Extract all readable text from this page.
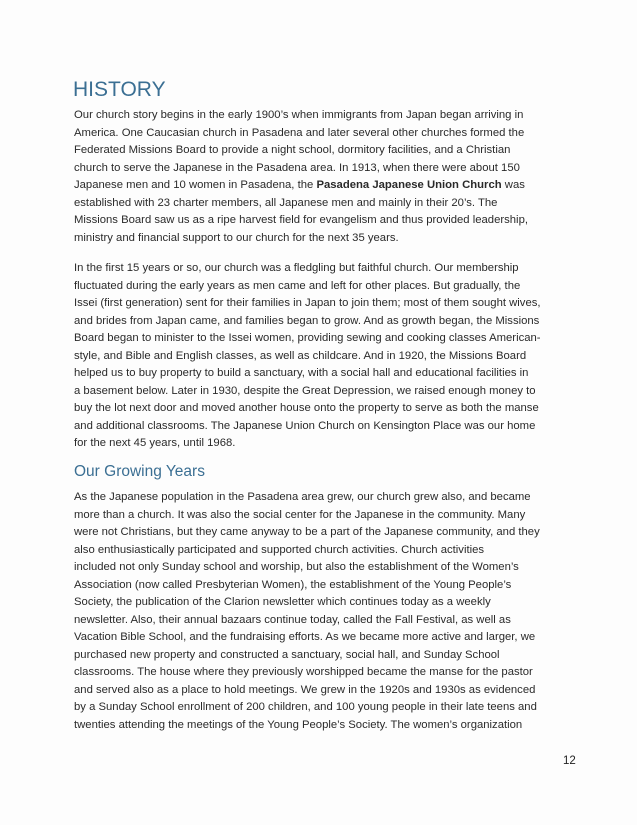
HISTORY
Our church story begins in the early 1900’s when immigrants from Japan began arriving in
America. One Caucasian church in Pasadena and later several other churches formed the
Federated Missions Board to provide a night school, dormitory facilities, and a Christian
church to serve the Japanese in the Pasadena area. In 1913, when there were about 150
Japanese men and 10 women in Pasadena, the Pasadena Japanese Union Church was
established with 23 charter members, all Japanese men and mainly in their 20’s. The
Missions Board saw us as a ripe harvest field for evangelism and thus provided leadership,
ministry and financial support to our church for the next 35 years.
In the first 15 years or so, our church was a fledgling but faithful church. Our membership
fluctuated during the early years as men came and left for other places. But gradually, the
Issei (first generation) sent for their families in Japan to join them; most of them sought wives,
and brides from Japan came, and families began to grow. And as growth began, the Missions
Board began to minister to the Issei women, providing sewing and cooking classes American-
style, and Bible and English classes, as well as childcare. And in 1920, the Missions Board
helped us to buy property to build a sanctuary, with a social hall and educational facilities in
a basement below. Later in 1930, despite the Great Depression, we raised enough money to
buy the lot next door and moved another house onto the property to serve as both the manse
and additional classrooms. The Japanese Union Church on Kensington Place was our home
for the next 45 years, until 1968.
Our Growing Years
As the Japanese population in the Pasadena area grew, our church grew also, and became
more than a church. It was also the social center for the Japanese in the community. Many
were not Christians, but they came anyway to be a part of the Japanese community, and they
also enthusiastically participated and supported church activities. Church activities
included not only Sunday school and worship, but also the establishment of the Women’s
Association (now called Presbyterian Women), the establishment of the Young People’s
Society, the publication of the Clarion newsletter which continues today as a weekly
newsletter. Also, their annual bazaars continue today, called the Fall Festival, as well as
Vacation Bible School, and the fundraising efforts. As we became more active and larger, we
purchased new property and constructed a sanctuary, social hall, and Sunday School
classrooms. The house where they previously worshipped became the manse for the pastor
and served also as a place to hold meetings. We grew in the 1920s and 1930s as evidenced
by a Sunday School enrollment of 200 children, and 100 young people in their late teens and
twenties attending the meetings of the Young People’s Society. The women’s organization
12
